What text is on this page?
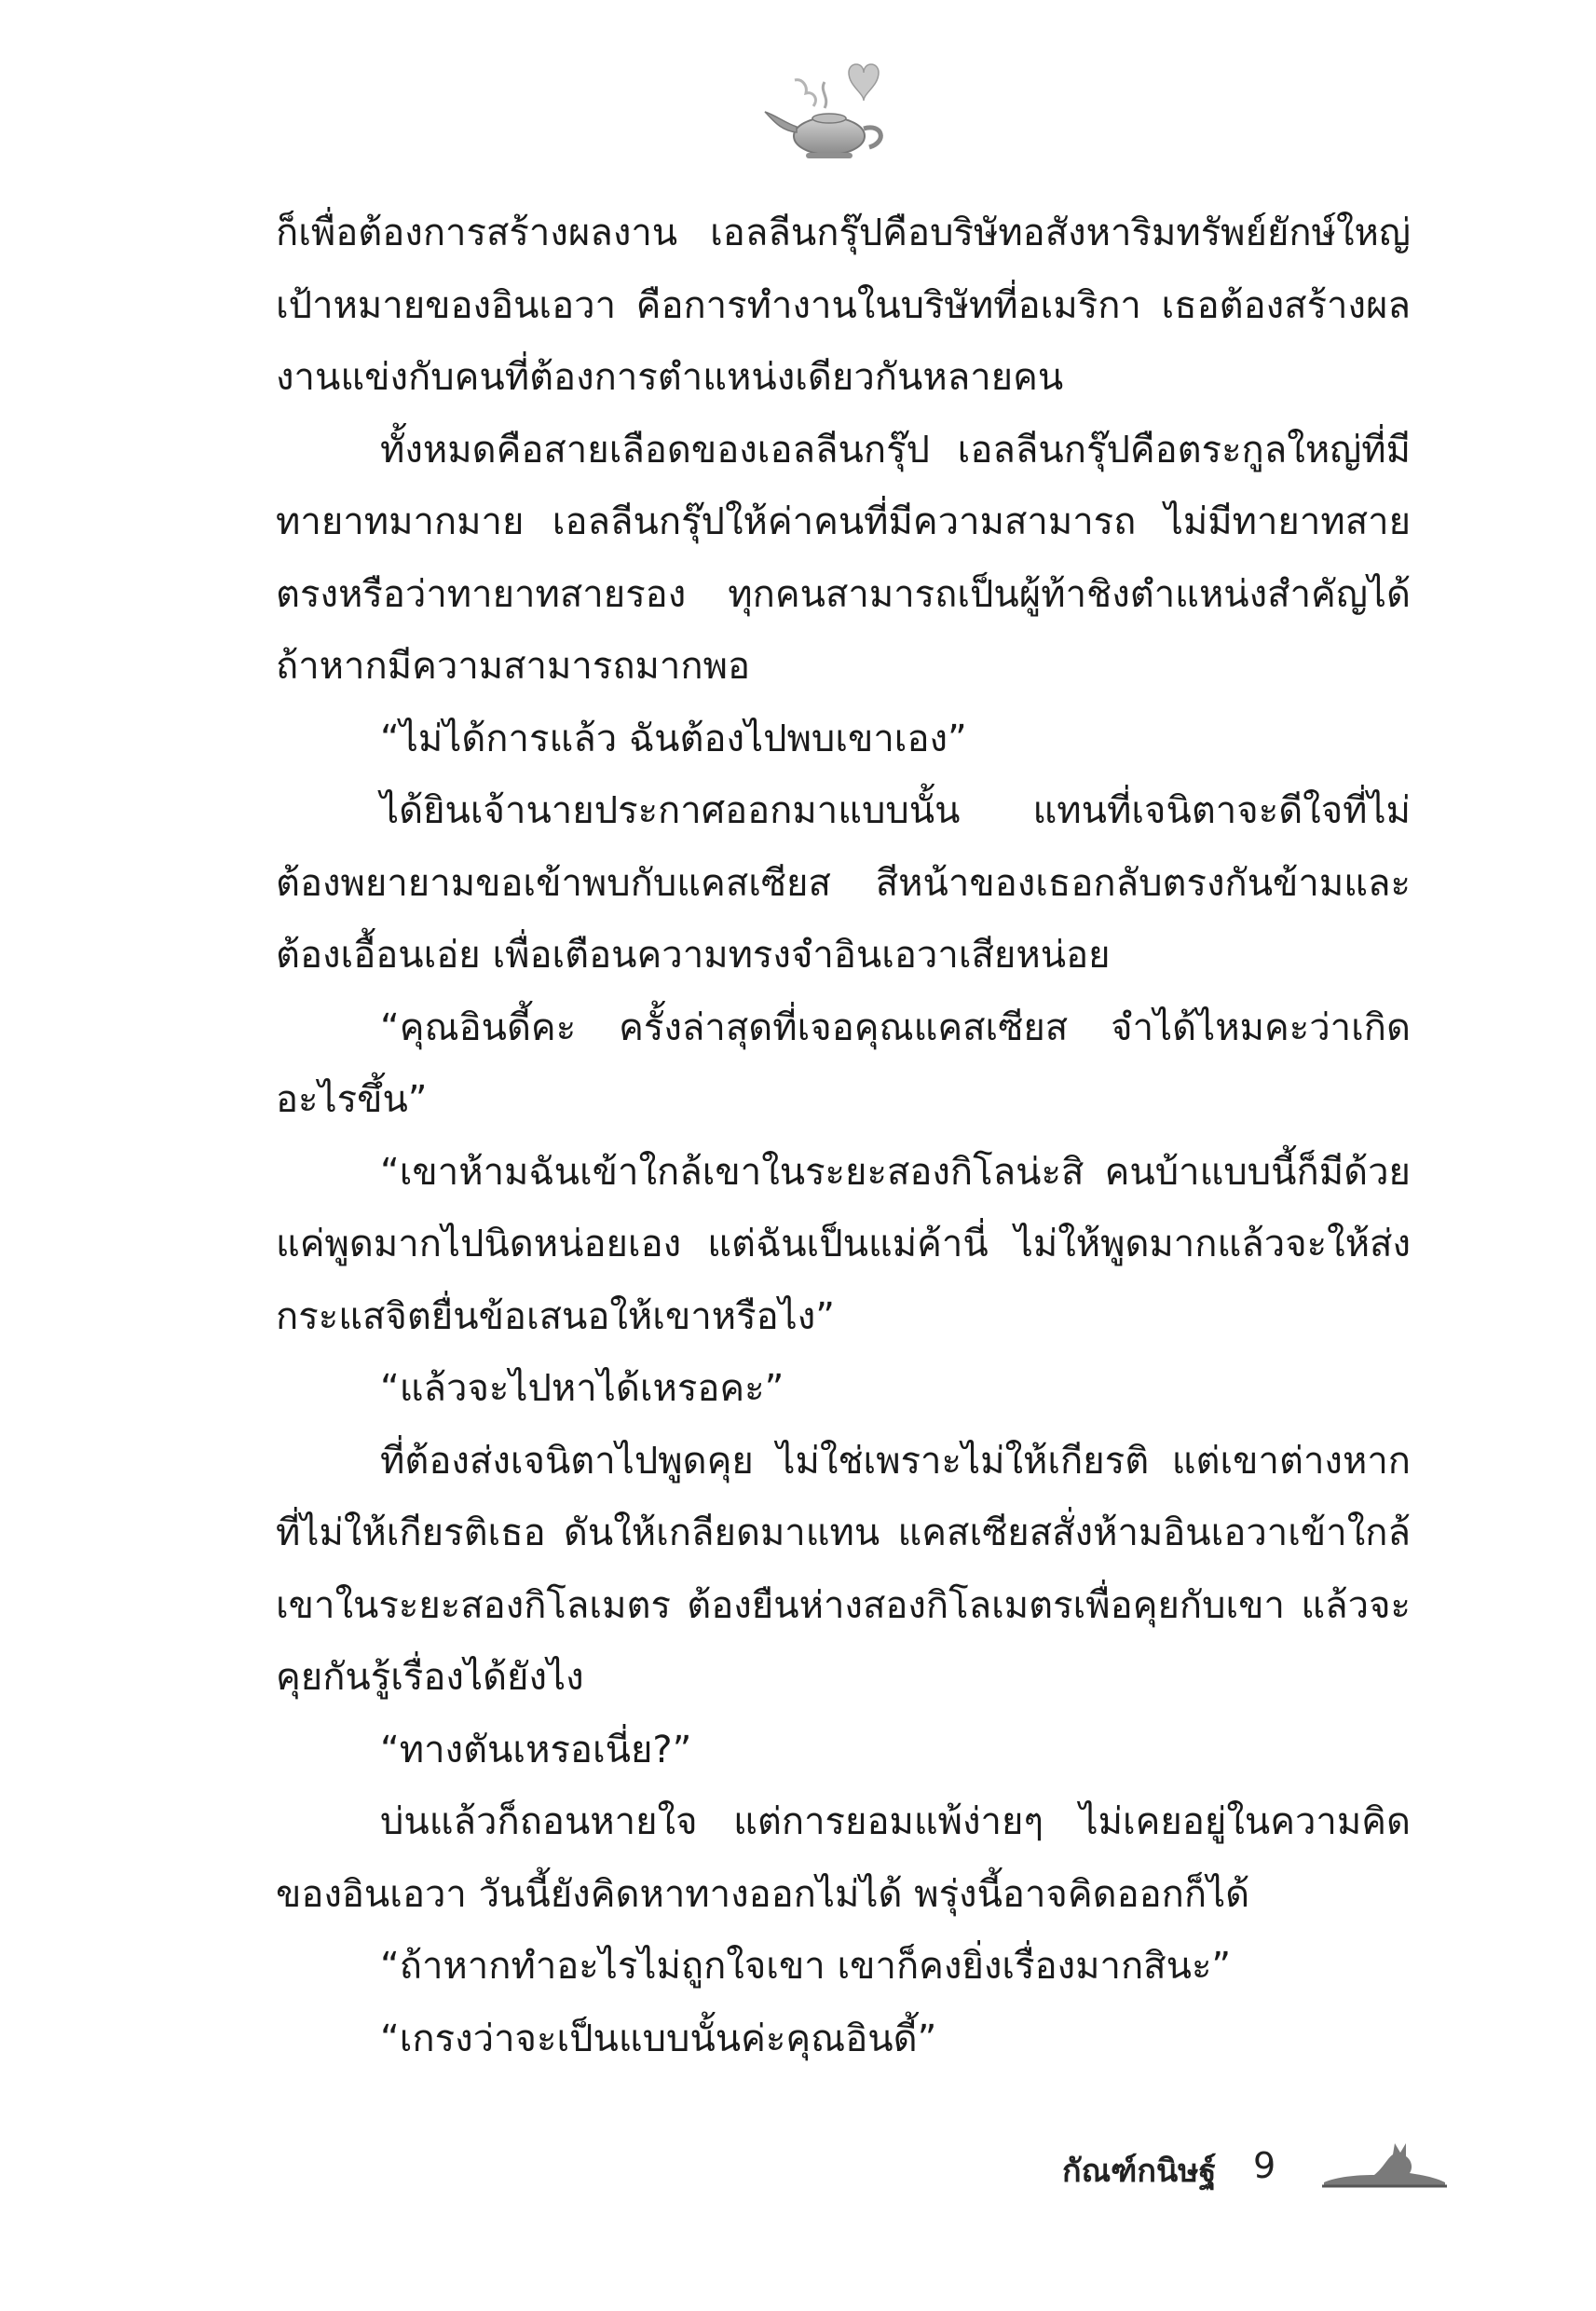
ก็เพื่อต้องการสร้างผลงาน เอลลีนกรุ๊ปคือบริษัทอสังหาริมทรัพย์ยักษ์ใหญ่ เป้าหมายของอินเอวา คือการทำงานในบริษัทที่อเมริกา เธอต้องสร้างผลงานแข่งกับคนที่ต้องการตำแหน่งเดียวกันหลายคน

ทั้งหมดคือสายเลือดของเอลลีนกรุ๊ป เอลลีนกรุ๊ปคือตระกูลใหญ่ที่มีทายาทมากมาย เอลลีนกรุ๊ปให้ค่าคนที่มีความสามารถ ไม่มีทายาทสายตรงหรือว่าทายาทสายรอง ทุกคนสามารถเป็นผู้ท้าชิงตำแหน่งสำคัญได้ ถ้าหากมีความสามารถมากพอ

“ไม่ได้การแล้ว ฉันต้องไปพบเขาเอง”

ได้ยินเจ้านายประกาศออกมาแบบนั้น แทนที่เจนิตาจะดีใจที่ไม่ต้องพยายามขอเข้าพบกับแคสเซียส สีหน้าของเธอกลับตรงกันข้ามและต้องเอื้อนเอ่ย เพื่อเตือนความทรงจำอินเอวาเสียหน่อย

“คุณอินดี้คะ ครั้งล่าสุดที่เจอคุณแคสเซียส จำได้ไหมคะว่าเกิดอะไรขึ้น”

“เขาห้ามฉันเข้าใกล้เขาในระยะสองกิโลน่ะสิ คนบ้าแบบนี้ก็มีด้วยแค่พูดมากไปนิดหน่อยเอง แต่ฉันเป็นแม่ค้านี่ ไม่ให้พูดมากแล้วจะให้ส่งกระแสจิตยื่นข้อเสนอให้เขาหรือไง”

“แล้วจะไปหาได้เหรอคะ”

ที่ต้องส่งเจนิตาไปพูดคุย ไม่ใช่เพราะไม่ให้เกียรติ แต่เขาต่างหากที่ไม่ให้เกียรติเธอ ดันให้เกลียดมาแทน แคสเซียสสั่งห้ามอินเอวาเข้าใกล้เขาในระยะสองกิโลเมตร ต้องยืนห่างสองกิโลเมตรเพื่อคุยกับเขา แล้วจะคุยกันรู้เรื่องได้ยังไง

“ทางตันเหรอเนี่ย?”

บ่นแล้วก็ถอนหายใจ แต่การยอมแพ้ง่ายๆ ไม่เคยอยู่ในความคิดของอินเอวา วันนี้ยังคิดหาทางออกไม่ได้ พรุ่งนี้อาจคิดออกก็ได้

“ถ้าหากทำอะไรไม่ถูกใจเขา เขาก็คงยิ่งเรื่องมากสินะ”

“เกรงว่าจะเป็นแบบนั้นค่ะคุณอินดี้”

กัณฑ์กนิษฐ์ 9
